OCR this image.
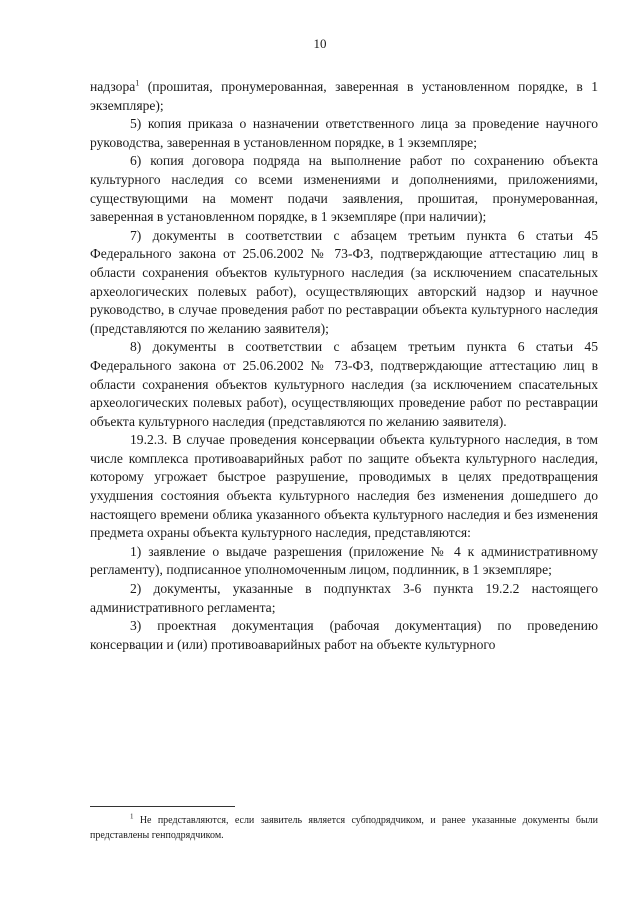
10

надзора$^1$ (прошитая, пронумерованная, заверенная в установленном порядке, в 1 экземпляре);

5) копия приказа о назначении ответственного лица за проведение научного руководства, заверенная в установленном порядке, в 1 экземпляре;

6) копия договора подряда на выполнение работ по сохранению объекта культурного наследия со всеми изменениями и дополнениями, приложениями, существующими на момент подачи заявления, прошитая, пронумерованная, заверенная в установленном порядке, в 1 экземпляре (при наличии);

7) документы в соответствии с абзацем третьим пункта 6 статьи 45 Федерального закона от 25.06.2002 № 73-ФЗ, подтверждающие аттестацию лиц в области сохранения объектов культурного наследия (за исключением спасательных археологических полевых работ), осуществляющих авторский надзор и научное руководство, в случае проведения работ по реставрации объекта культурного наследия (представляются по желанию заявителя);

8) документы в соответствии с абзацем третьим пункта 6 статьи 45 Федерального закона от 25.06.2002 № 73-ФЗ, подтверждающие аттестацию лиц в области сохранения объектов культурного наследия (за исключением спасательных археологических полевых работ), осуществляющих проведение работ по реставрации объекта культурного наследия (представляются по желанию заявителя).

19.2.3. В случае проведения консервации объекта культурного наследия, в том числе комплекса противоаварийных работ по защите объекта культурного наследия, которому угрожает быстрое разрушение, проводимых в целях предотвращения ухудшения состояния объекта культурного наследия без изменения дошедшего до настоящего времени облика указанного объекта культурного наследия и без изменения предмета охраны объекта культурного наследия, представляются:

1) заявление о выдаче разрешения (приложение № 4 к административному регламенту), подписанное уполномоченным лицом, подлинник, в 1 экземпляре;

2) документы, указанные в подпунктах 3-6 пункта 19.2.2 настоящего административного регламента;

3) проектная документация (рабочая документация) по проведению консервации и (или) противоаварийных работ на объекте культурного

$^1$ Не представляются, если заявитель является субподрядчиком, и ранее указанные документы были представлены генподрядчиком.
